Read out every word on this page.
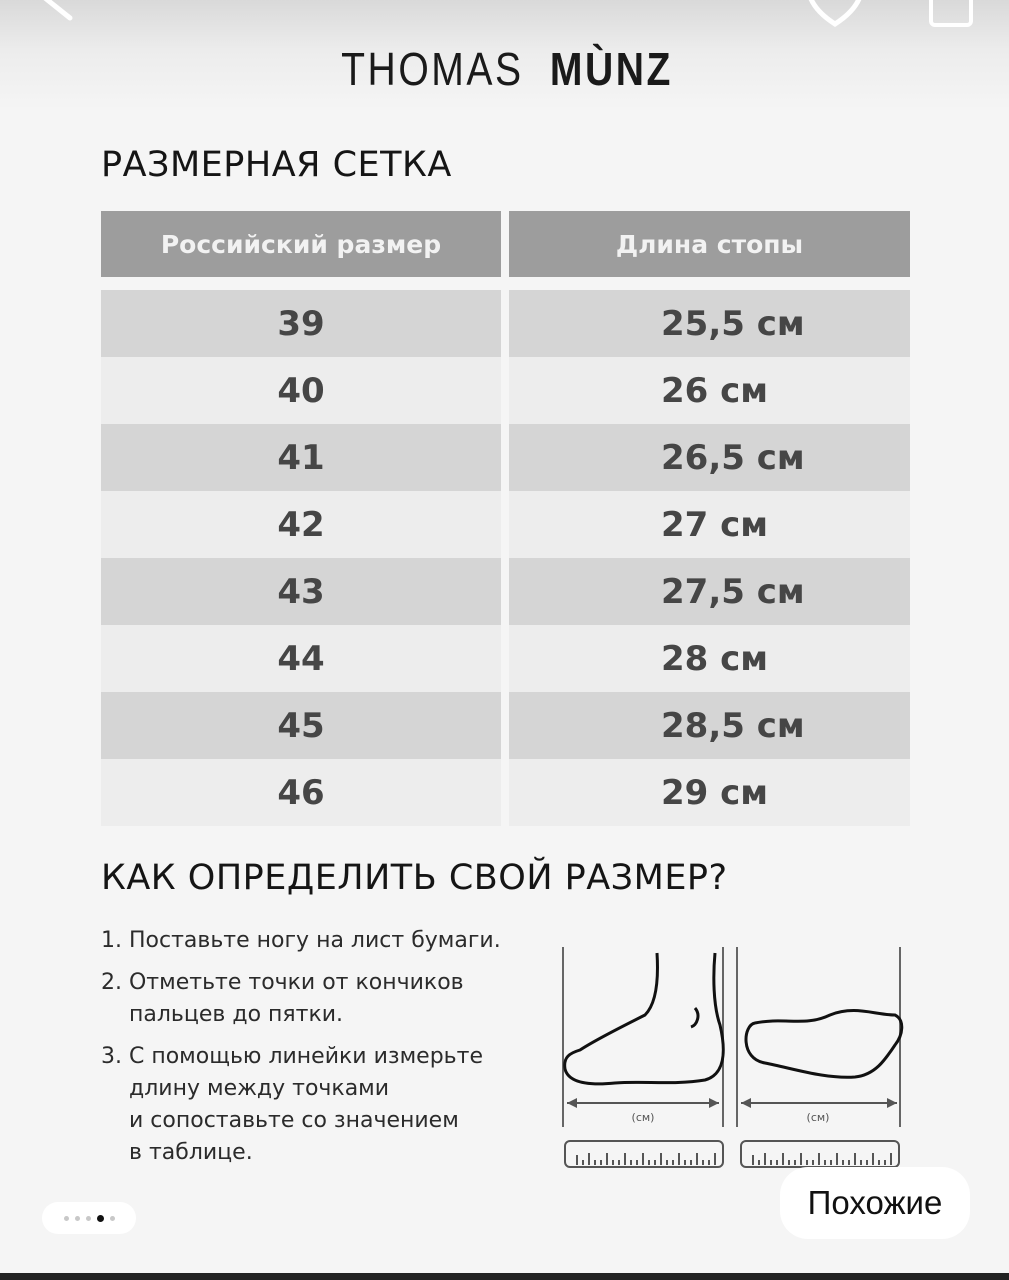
THOMAS MÙNZ
РАЗМЕРНАЯ СЕТКА
Российский размер	Длина стопы
39	25,5 см
40	26 см
41	26,5 см
42	27 см
43	27,5 см
44	28 см
45	28,5 см
46	29 см
КАК ОПРЕДЕЛИТЬ СВОЙ РАЗМЕР?
1. Поставьте ногу на лист бумаги.
2. Отметьте точки от кончиков
пальцев до пятки.
3. С помощью линейки измерьте
длину между точками
и сопоставьте со значением
в таблице.
(см)	(см)
Похожие
